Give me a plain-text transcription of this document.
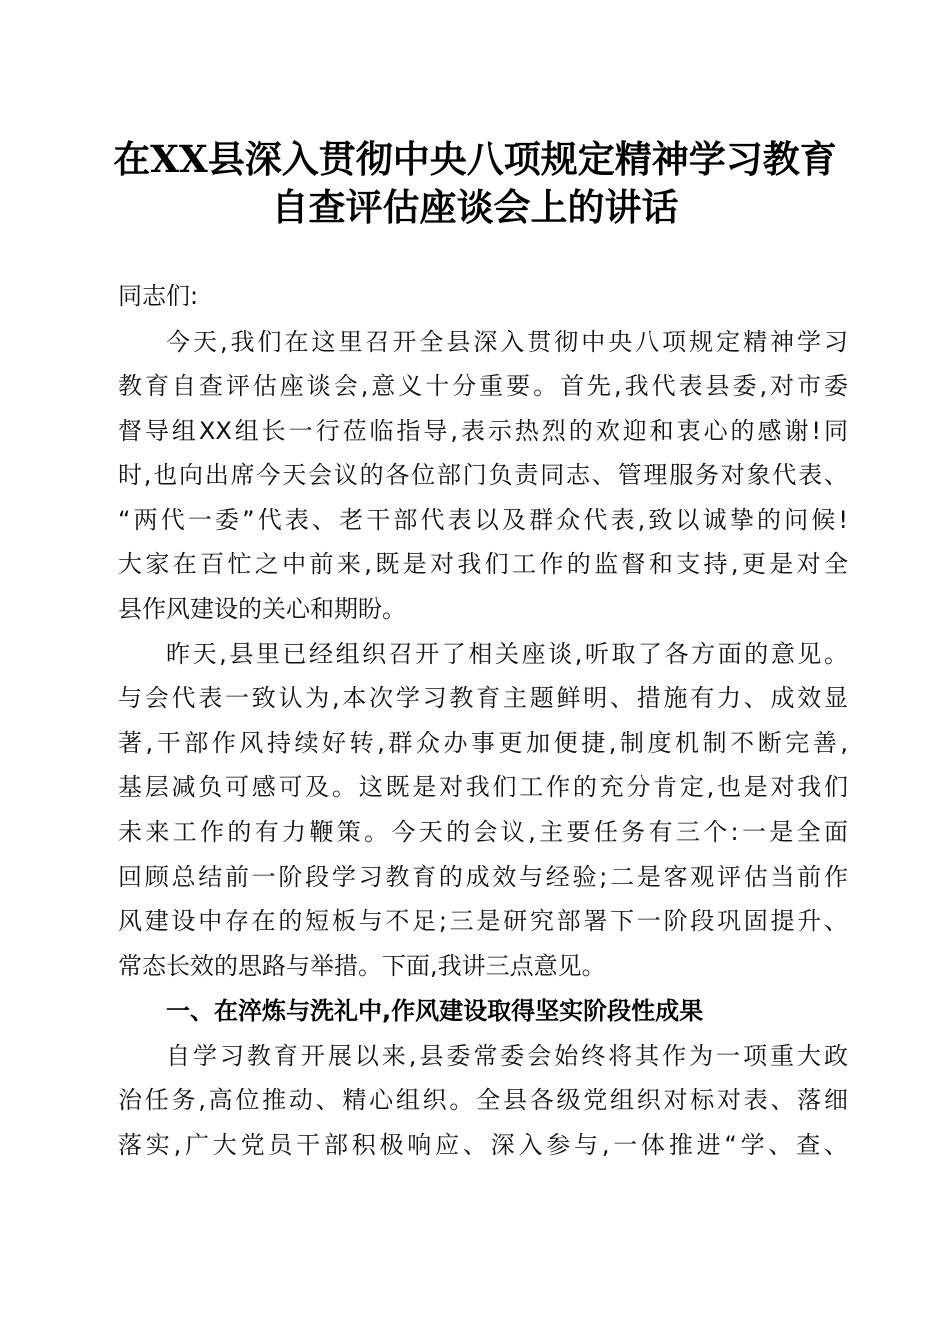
在XX县深入贯彻中央八项规定精神学习教育
自查评估座谈会上的讲话
同志们:
今天,我们在这里召开全县深入贯彻中央八项规定精神学习
教育自查评估座谈会,意义十分重要。首先,我代表县委,对市委
督导组XX组长一行莅临指导,表示热烈的欢迎和衷心的感谢!同
时,也向出席今天会议的各位部门负责同志、管理服务对象代表、
“两代一委”代表、老干部代表以及群众代表,致以诚挚的问候!
大家在百忙之中前来,既是对我们工作的监督和支持,更是对全
县作风建设的关心和期盼。
昨天,县里已经组织召开了相关座谈,听取了各方面的意见。
与会代表一致认为,本次学习教育主题鲜明、措施有力、成效显
著,干部作风持续好转,群众办事更加便捷,制度机制不断完善,
基层减负可感可及。这既是对我们工作的充分肯定,也是对我们
未来工作的有力鞭策。今天的会议,主要任务有三个:一是全面
回顾总结前一阶段学习教育的成效与经验;二是客观评估当前作
风建设中存在的短板与不足;三是研究部署下一阶段巩固提升、
常态长效的思路与举措。下面,我讲三点意见。
一、在淬炼与洗礼中,作风建设取得坚实阶段性成果
自学习教育开展以来,县委常委会始终将其作为一项重大政
治任务,高位推动、精心组织。全县各级党组织对标对表、落细
落实,广大党员干部积极响应、深入参与,一体推进“学、查、
